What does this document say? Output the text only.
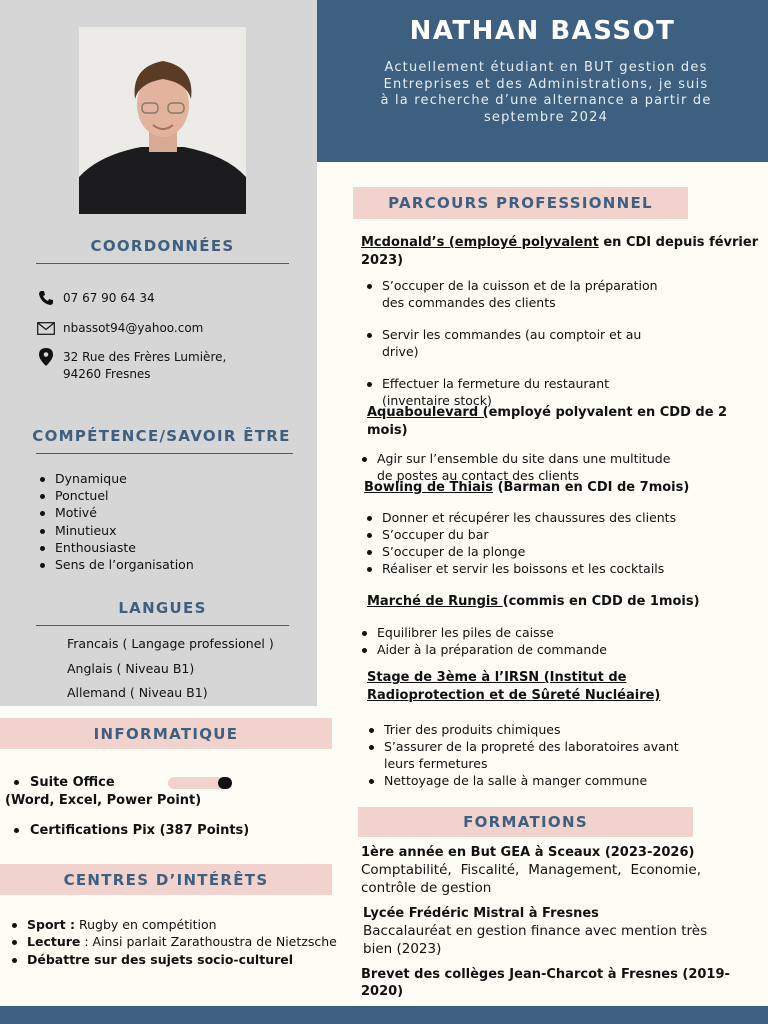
NATHAN BASSOT
Actuellement étudiant en BUT gestion des Entreprises et des Administrations, je suis à la recherche d’une alternance a partir de septembre 2024
COORDONNÉES
07 67 90 64 34
nbassot94@yahoo.com
32 Rue des Frères Lumière,
94260 Fresnes
COMPÉTENCE/SAVOIR ÊTRE
Dynamique
Ponctuel
Motivé
Minutieux
Enthousiaste
Sens de l’organisation
LANGUES
Francais ( Langage professionel )
Anglais ( Niveau B1)
Allemand ( Niveau B1)
INFORMATIQUE
Suite Office
(Word, Excel, Power Point)
Certifications Pix (387 Points)
CENTRES D’INTÉRÊTS
Sport : Rugby en compétition
Lecture : Ainsi parlait Zarathoustra de Nietzsche
Débattre sur des sujets socio-culturel
PARCOURS PROFESSIONNEL
Mcdonald’s (employé polyvalent en CDI depuis février 2023)
S’occuper de la cuisson et de la préparation des commandes des clients
Servir les commandes (au comptoir et au drive)
Effectuer la fermeture du restaurant (inventaire stock)
Aquaboulevard (employé polyvalent en CDD de 2 mois)
Agir sur l’ensemble du site dans une multitude de postes au contact des clients
Bowling de Thiais (Barman en CDI de 7mois)
Donner et récupérer les chaussures des clients
S’occuper du bar
S’occuper de la plonge
Réaliser et servir les boissons et les cocktails
Marché de Rungis (commis en CDD de 1mois)
Equilibrer les piles de caisse
Aider à la préparation de commande
Stage de 3ème à l’IRSN (Institut de Radioprotection et de Sûreté Nucléaire)
Trier des produits chimiques
S’assurer de la propreté des laboratoires avant leurs fermetures
Nettoyage de la salle à manger commune
FORMATIONS
1ère année en But GEA à Sceaux (2023-2026)
Comptabilité, Fiscalité, Management, Economie, contrôle de gestion
Lycée Frédéric Mistral à Fresnes
Baccalauréat en gestion finance avec mention très bien (2023)
Brevet des collèges Jean-Charcot à Fresnes (2019-2020)
